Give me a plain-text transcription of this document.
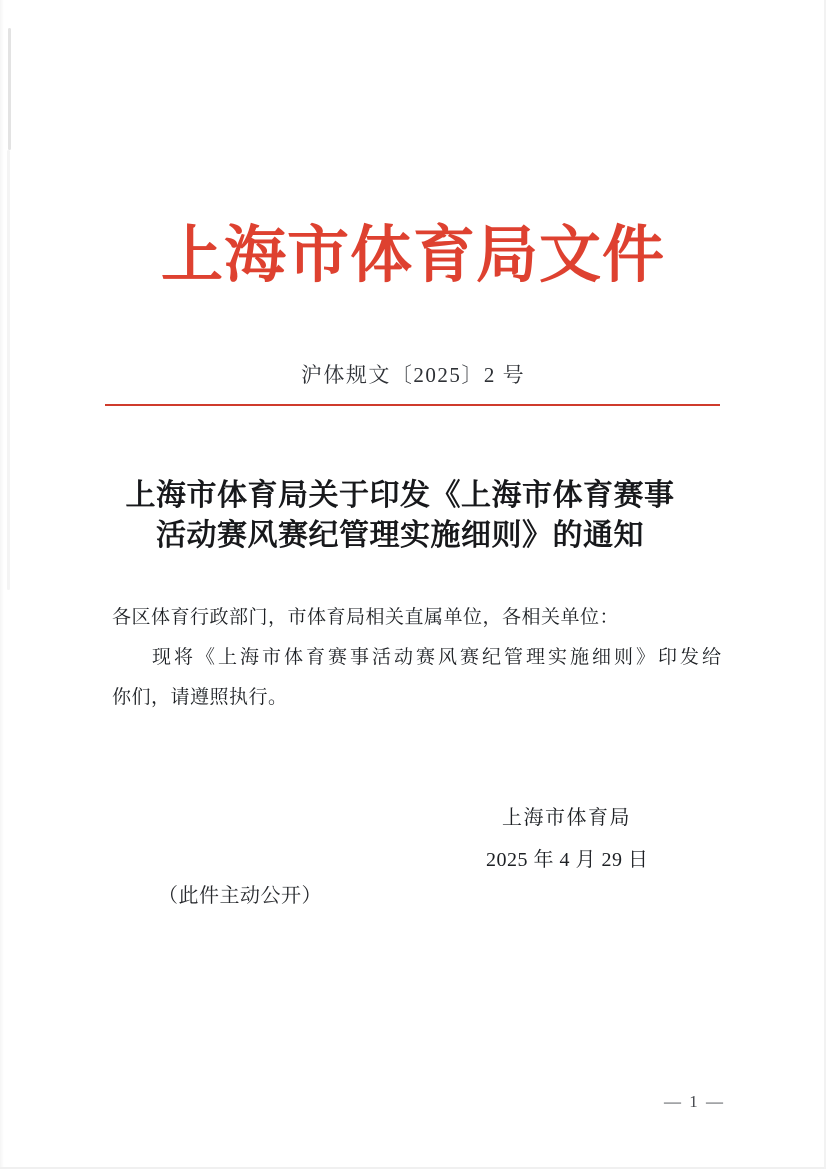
上海市体育局文件
沪体规文〔2025〕2 号
上海市体育局关于印发《上海市体育赛事
活动赛风赛纪管理实施细则》的通知
各区体育行政部门，市体育局相关直属单位，各相关单位：
现将《上海市体育赛事活动赛风赛纪管理实施细则》印发给
你们，请遵照执行。
上海市体育局
2025 年 4 月 29 日
（此件主动公开）
— 1 —
